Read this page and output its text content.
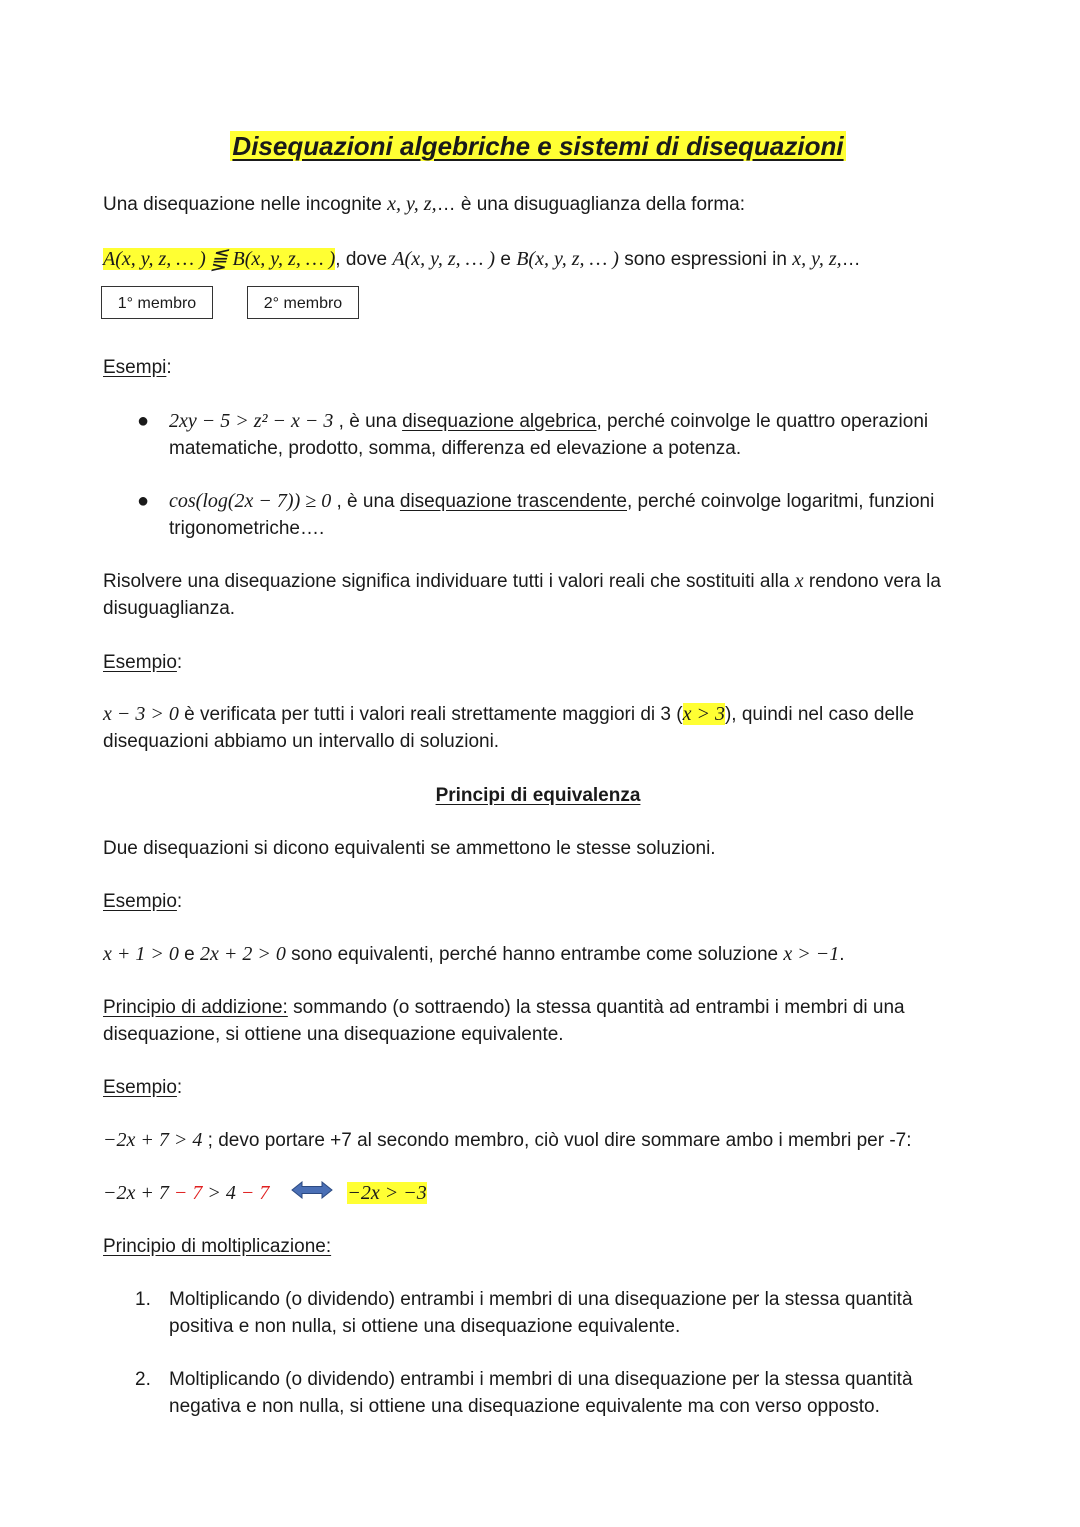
Disequazioni algebriche e sistemi di disequazioni

Una disequazione nelle incognite x, y, z,… è una disuguaglianza della forma:

A(x, y, z, … ) ⪋ B(x, y, z, … ), dove A(x, y, z, … ) e B(x, y, z, … ) sono espressioni in x, y, z,…

1° membro	2° membro

Esempi:

● 2xy − 5 > z² − x − 3 , è una disequazione algebrica, perché coinvolge le quattro operazioni matematiche, prodotto, somma, differenza ed elevazione a potenza.

● cos(log(2x − 7)) ≥ 0 , è una disequazione trascendente, perché coinvolge logaritmi, funzioni trigonometriche….

Risolvere una disequazione significa individuare tutti i valori reali che sostituiti alla x rendono vera la disuguaglianza.

Esempio:

x − 3 > 0 è verificata per tutti i valori reali strettamente maggiori di 3 (x > 3), quindi nel caso delle disequazioni abbiamo un intervallo di soluzioni.

Principi di equivalenza

Due disequazioni si dicono equivalenti se ammettono le stesse soluzioni.

Esempio:

x + 1 > 0 e 2x + 2 > 0 sono equivalenti, perché hanno entrambe come soluzione x > −1.

Principio di addizione: sommando (o sottraendo) la stessa quantità ad entrambi i membri di una disequazione, si ottiene una disequazione equivalente.

Esempio:

−2x + 7 > 4 ; devo portare +7 al secondo membro, ciò vuol dire sommare ambo i membri per -7:

−2x + 7 − 7 > 4 − 7	−2x > −3

Principio di moltiplicazione:

1. Moltiplicando (o dividendo) entrambi i membri di una disequazione per la stessa quantità positiva e non nulla, si ottiene una disequazione equivalente.

2. Moltiplicando (o dividendo) entrambi i membri di una disequazione per la stessa quantità negativa e non nulla, si ottiene una disequazione equivalente ma con verso opposto.
